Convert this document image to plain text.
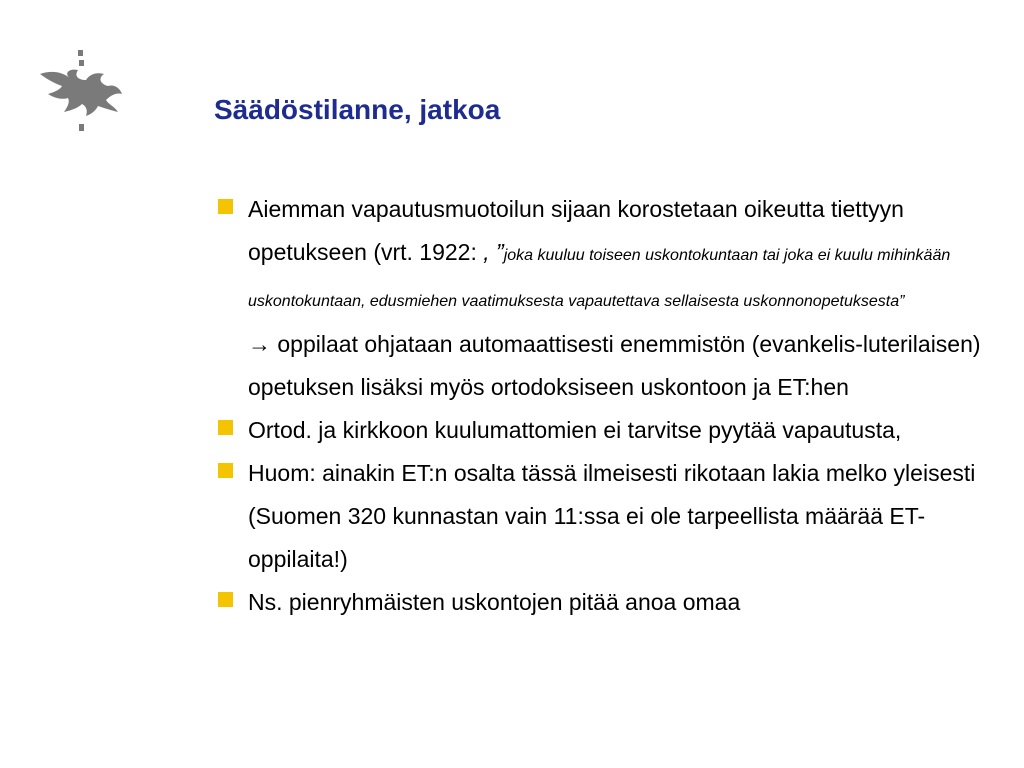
Säädöstilanne, jatkoa
Aiemman vapautusmuotoilun sijaan korostetaan oikeutta tiettyyn opetukseen (vrt. 1922: , ”joka kuuluu toiseen uskontokuntaan tai joka ei kuulu mihinkään uskontokuntaan, edusmiehen vaatimuksesta vapautettava sellaisesta uskonnonopetuksesta”
→ oppilaat ohjataan automaattisesti enemmistön (evankelis-luterilaisen) opetuksen lisäksi myös ortodoksiseen uskontoon ja ET:hen
Ortod. ja kirkkoon kuulumattomien ei tarvitse pyytää vapautusta,
Huom: ainakin ET:n osalta tässä ilmeisesti rikotaan lakia melko yleisesti (Suomen 320 kunnastan vain 11:ssa ei ole tarpeellista määrää ET-oppilaita!)
Ns. pienryhmäisten uskontojen pitää anoa omaa
